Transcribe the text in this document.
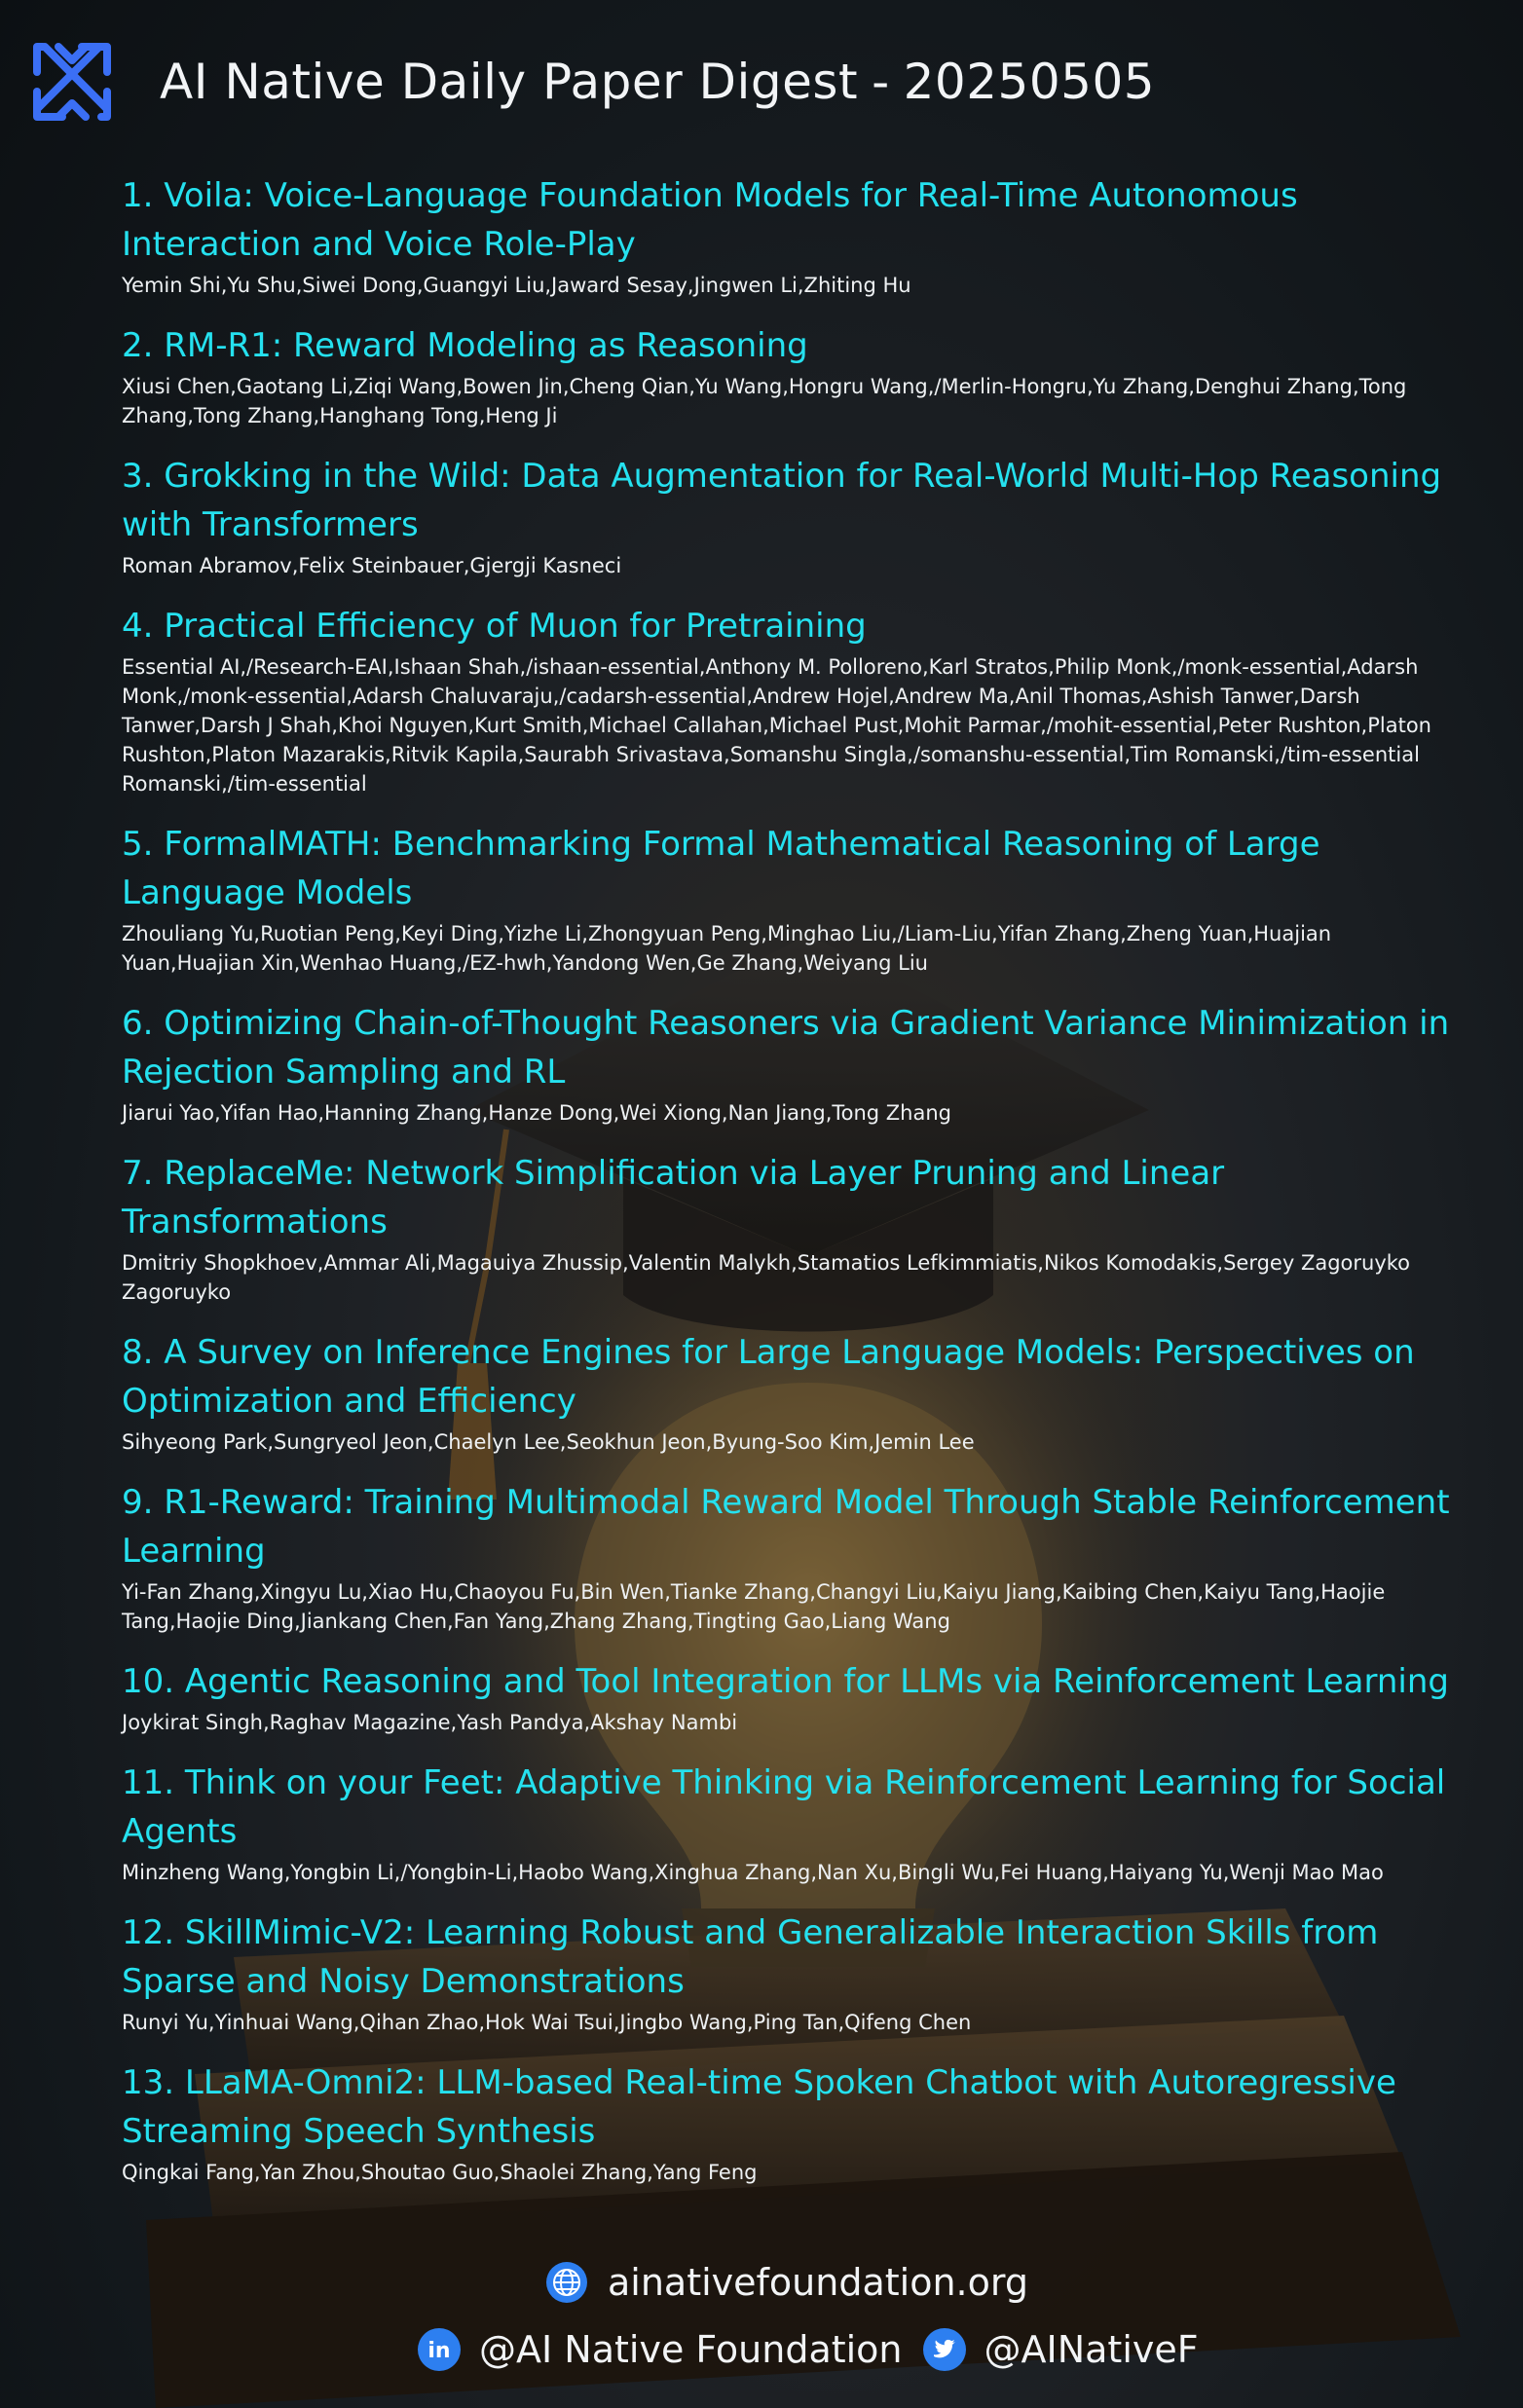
AI Native Daily Paper Digest - 20250505
1. Voila: Voice-Language Foundation Models for Real-Time Autonomous Interaction and Voice Role-Play
Yemin Shi,Yu Shu,Siwei Dong,Guangyi Liu,Jaward Sesay,Jingwen Li,Zhiting Hu
2. RM-R1: Reward Modeling as Reasoning
Xiusi Chen,Gaotang Li,Ziqi Wang,Bowen Jin,Cheng Qian,Yu Wang,Hongru Wang,/Merlin-Hongru,Yu Zhang,Denghui Zhang,Tong Zhang,Tong Zhang,Hanghang Tong,Heng Ji
3. Grokking in the Wild: Data Augmentation for Real-World Multi-Hop Reasoning with Transformers
Roman Abramov,Felix Steinbauer,Gjergji Kasneci
4. Practical Efficiency of Muon for Pretraining
Essential AI,/Research-EAI,Ishaan Shah,/ishaan-essential,Anthony M. Polloreno,Karl Stratos,Philip Monk,/monk-essential,Adarsh Monk,/monk-essential,Adarsh Chaluvaraju,/cadarsh-essential,Andrew Hojel,Andrew Ma,Anil Thomas,Ashish Tanwer,Darsh Tanwer,Darsh J Shah,Khoi Nguyen,Kurt Smith,Michael Callahan,Michael Pust,Mohit Parmar,/mohit-essential,Peter Rushton,Platon Rushton,Platon Mazarakis,Ritvik Kapila,Saurabh Srivastava,Somanshu Singla,/somanshu-essential,Tim Romanski,/tim-essential Romanski,/tim-essential
5. FormalMATH: Benchmarking Formal Mathematical Reasoning of Large Language Models
Zhouliang Yu,Ruotian Peng,Keyi Ding,Yizhe Li,Zhongyuan Peng,Minghao Liu,/Liam-Liu,Yifan Zhang,Zheng Yuan,Huajian Yuan,Huajian Xin,Wenhao Huang,/EZ-hwh,Yandong Wen,Ge Zhang,Weiyang Liu
6. Optimizing Chain-of-Thought Reasoners via Gradient Variance Minimization in Rejection Sampling and RL
Jiarui Yao,Yifan Hao,Hanning Zhang,Hanze Dong,Wei Xiong,Nan Jiang,Tong Zhang
7. ReplaceMe: Network Simplification via Layer Pruning and Linear Transformations
Dmitriy Shopkhoev,Ammar Ali,Magauiya Zhussip,Valentin Malykh,Stamatios Lefkimmiatis,Nikos Komodakis,Sergey Zagoruyko Zagoruyko
8. A Survey on Inference Engines for Large Language Models: Perspectives on Optimization and Efficiency
Sihyeong Park,Sungryeol Jeon,Chaelyn Lee,Seokhun Jeon,Byung-Soo Kim,Jemin Lee
9. R1-Reward: Training Multimodal Reward Model Through Stable Reinforcement Learning
Yi-Fan Zhang,Xingyu Lu,Xiao Hu,Chaoyou Fu,Bin Wen,Tianke Zhang,Changyi Liu,Kaiyu Jiang,Kaibing Chen,Kaiyu Tang,Haojie Tang,Haojie Ding,Jiankang Chen,Fan Yang,Zhang Zhang,Tingting Gao,Liang Wang
10. Agentic Reasoning and Tool Integration for LLMs via Reinforcement Learning
Joykirat Singh,Raghav Magazine,Yash Pandya,Akshay Nambi
11. Think on your Feet: Adaptive Thinking via Reinforcement Learning for Social Agents
Minzheng Wang,Yongbin Li,/Yongbin-Li,Haobo Wang,Xinghua Zhang,Nan Xu,Bingli Wu,Fei Huang,Haiyang Yu,Wenji Mao Mao
12. SkillMimic-V2: Learning Robust and Generalizable Interaction Skills from Sparse and Noisy Demonstrations
Runyi Yu,Yinhuai Wang,Qihan Zhao,Hok Wai Tsui,Jingbo Wang,Ping Tan,Qifeng Chen
13. LLaMA-Omni2: LLM-based Real-time Spoken Chatbot with Autoregressive Streaming Speech Synthesis
Qingkai Fang,Yan Zhou,Shoutao Guo,Shaolei Zhang,Yang Feng
ainativefoundation.org
in @AI Native Foundation @AINativeF
